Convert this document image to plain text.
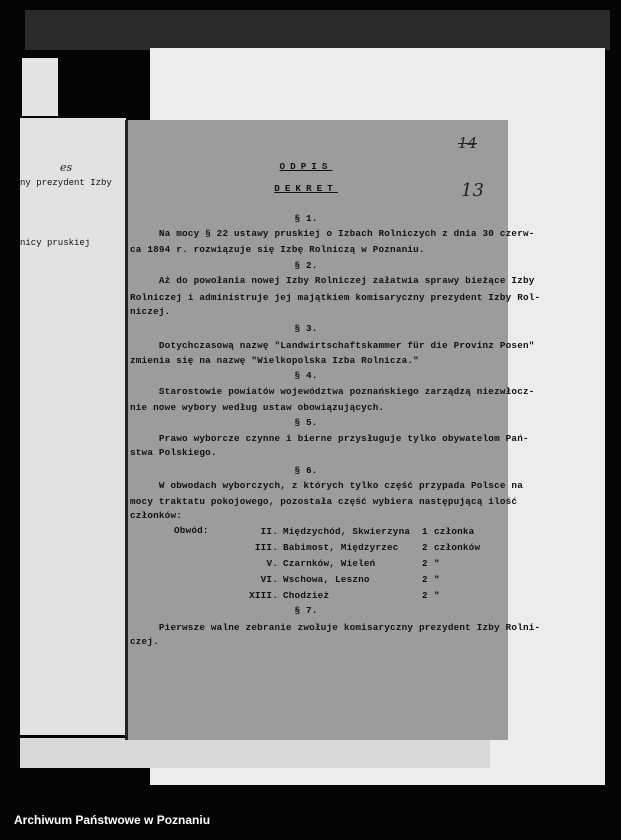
ny prezydent Izby
es
nicy pruskiej
14
13
ODPIS
DEKRET
§ 1.
Na mocy § 22 ustawy pruskiej o Izbach Rolniczych z dnia 30 czerw-
ca 1894 r. rozwiązuje się Izbę Rolniczą w Poznaniu.
§ 2.
Aż do powołania nowej Izby Rolniczej załatwia sprawy bieżące Izby
Rolniczej i administruje jej majątkiem komisaryczny prezydent Izby Rol-
niczej.
§ 3.
Dotychczasową nazwę "Landwirtschaftskammer für die Provinz Posen"
zmienia się na nazwę "Wielkopolska Izba Rolnicza."
§ 4.
Starostowie powiatów województwa poznańskiego zarządzą niezwłocz-
nie nowe wybory według ustaw obowiązujących.
§ 5.
Prawo wyborcze czynne i bierne przysługuje tylko obywatelom Pań-
stwa Polskiego.
§ 6.
W obwodach wyborczych, z których tylko część przypada Polsce na
mocy traktatu pokojowego, pozostała część wybiera następującą ilość
członków:
Obwód:	II. Międzychód, Skwierzyna 1 członka
III. Babimost, Międzyrzec	2 członków
V. Czarnków, Wieleń	2 "
VI. Wschowa, Leszno	2 "
XIII. Chodzież	2 "
§ 7.
Pierwsze walne zebranie zwołuje komisaryczny prezydent Izby Rolni-
czej.
Archiwum Państwowe w Poznaniu
